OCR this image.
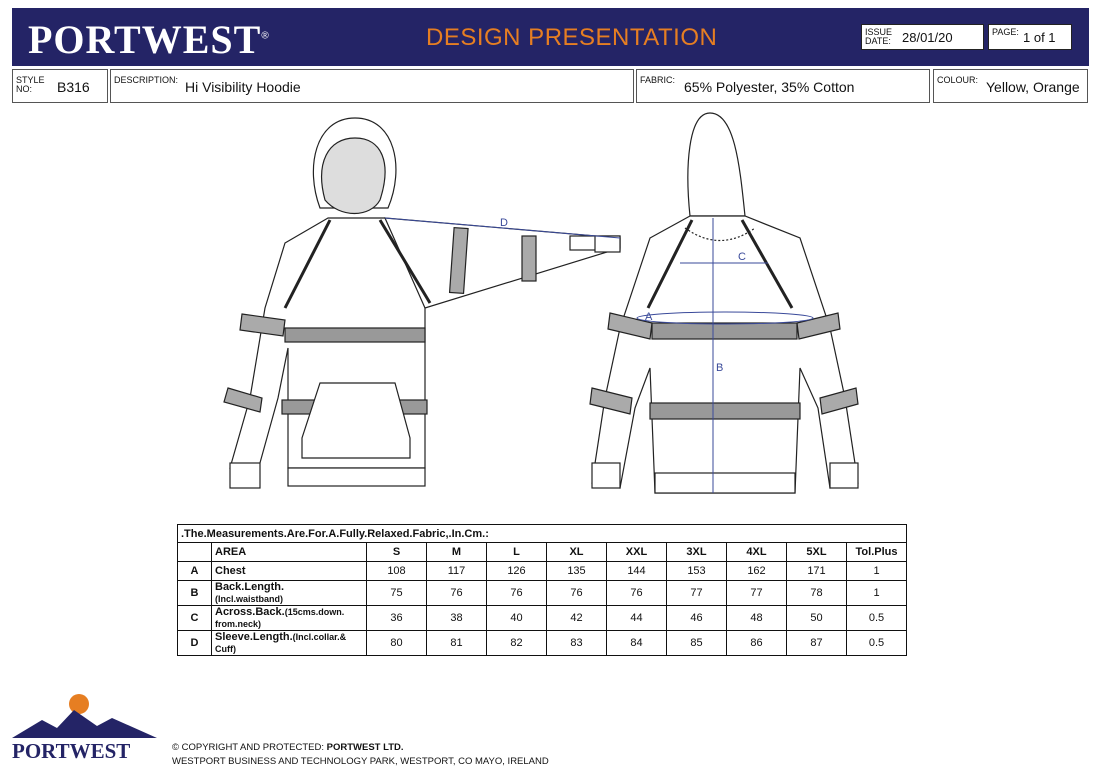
PORTWEST®	DESIGN PRESENTATION	ISSUE
DATE: 28/01/20	PAGE: 1 of 1
STYLE
NO:	B316	DESCRIPTION: Hi Visibility Hoodie	FABRIC: 65% Polyester, 35% Cotton	COLOUR: Yellow, Orange
D
A
B
C
.The.Measurements.Are.For.A.Fully.Relaxed.Fabric,.In.Cm.:										
	AREA	S	M	L	XL	XXL	3XL	4XL	5XL	Tol.Plus
A	Chest	108	117	126	135	144	153	162	171	1
B	Back.Length.
(Incl.waistband)	75	76	76	76	76	77	77	78	1
C	Across.Back.(15cms.down.
from.neck)	36	38	40	42	44	46	48	50	0.5
D	Sleeve.Length.(Incl.collar.&
Cuff)	80	81	82	83	84	85	86	87	0.5
PORTWEST	© COPYRIGHT AND PROTECTED: PORTWEST LTD.
WESTPORT BUSINESS AND TECHNOLOGY PARK, WESTPORT, CO MAYO, IRELAND
